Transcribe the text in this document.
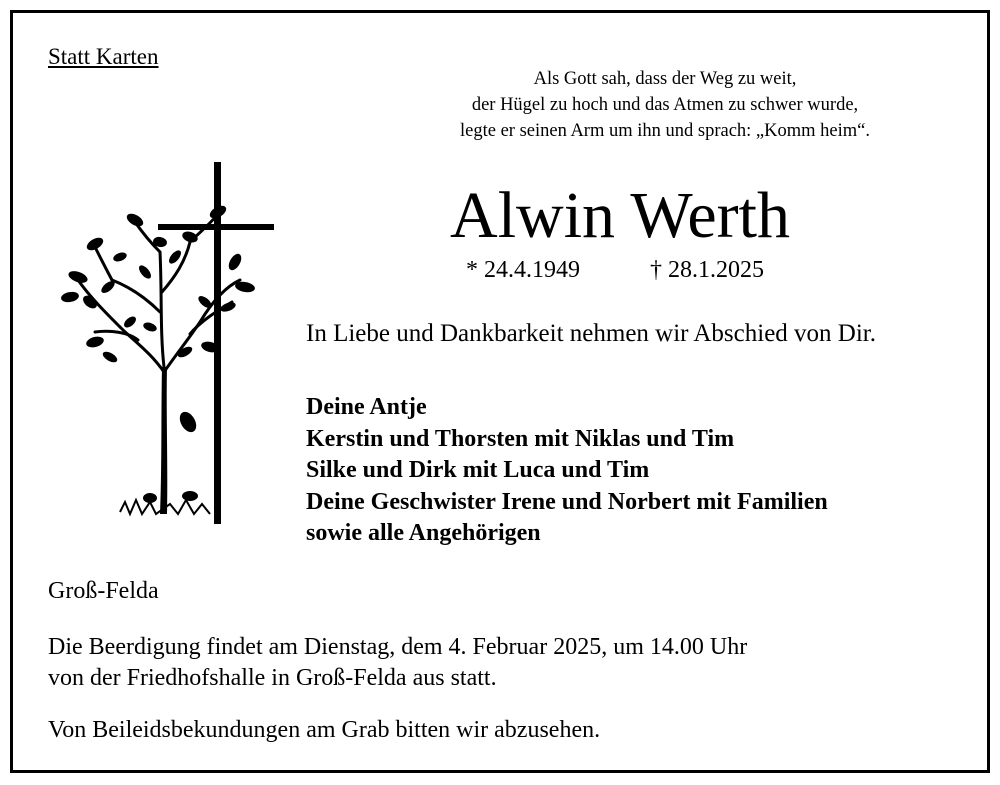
Statt Karten
Als Gott sah, dass der Weg zu weit,
der Hügel zu hoch und das Atmen zu schwer wurde,
legte er seinen Arm um ihn und sprach: „Komm heim“.
Alwin Werth
* 24.4.1949	† 28.1.2025
In Liebe und Dankbarkeit nehmen wir Abschied von Dir.
Deine Antje
Kerstin und Thorsten mit Niklas und Tim
Silke und Dirk mit Luca und Tim
Deine Geschwister Irene und Norbert mit Familien
sowie alle Angehörigen
Groß-Felda
Die Beerdigung findet am Dienstag, dem 4. Februar 2025, um 14.00 Uhr
von der Friedhofshalle in Groß-Felda aus statt.
Von Beileidsbekundungen am Grab bitten wir abzusehen.
